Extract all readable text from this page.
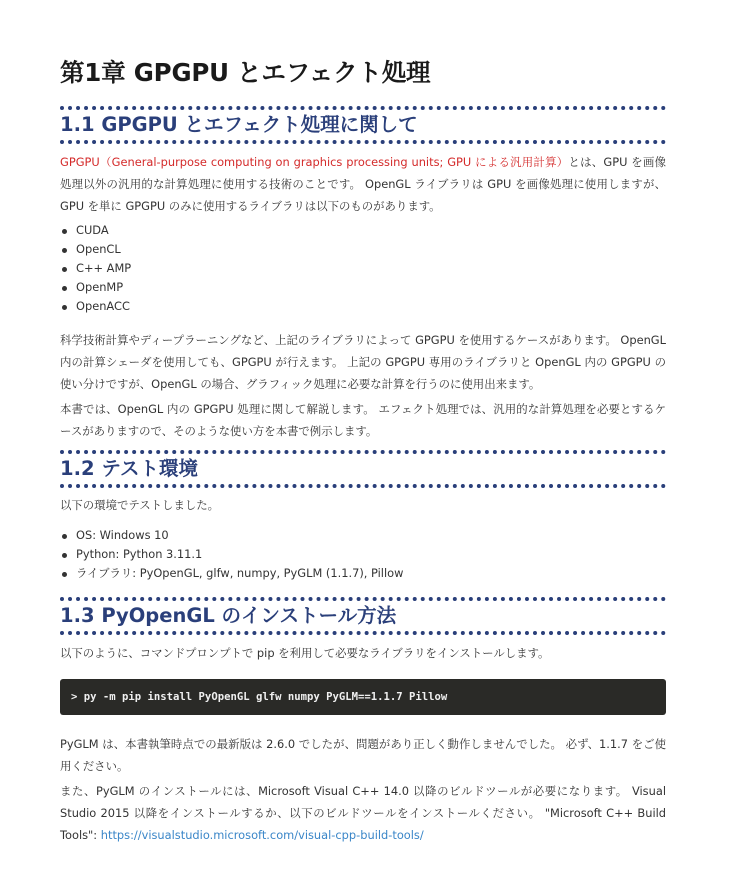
第1章 GPGPU とエフェクト処理
1.1 GPGPU とエフェクト処理に関して

GPGPU（General-purpose computing on graphics processing units; GPU による汎用計算）とは、GPU を画像処理以外の汎用的な計算処理に使用する技術のことです。 OpenGL ライブラリは GPU を画像処理に使用しますが、GPU を単に GPGPU のみに使用するライブラリは以下のものがあります。

CUDA
OpenCL
C++ AMP
OpenMP
OpenACC

科学技術計算やディープラーニングなど、上記のライブラリによって GPGPU を使用するケースがあります。 OpenGL 内の計算シェーダを使用しても、GPGPU が行えます。 上記の GPGPU 専用のライブラリと OpenGL 内の GPGPU の使い分けですが、OpenGL の場合、グラフィック処理に必要な計算を行うのに使用出来ます。

本書では、OpenGL 内の GPGPU 処理に関して解説します。 エフェクト処理では、汎用的な計算処理を必要とするケースがありますので、そのような使い方を本書で例示します。

1.2 テスト環境

以下の環境でテストしました。

OS: Windows 10
Python: Python 3.11.1
ライブラリ: PyOpenGL, glfw, numpy, PyGLM (1.1.7), Pillow
1.3 PyOpenGL のインストール方法

以下のように、コマンドプロンプトで pip を利用して必要なライブラリをインストールします。

> py -m pip install PyOpenGL glfw numpy PyGLM==1.1.7 Pillow

PyGLM は、本書執筆時点での最新版は 2.6.0 でしたが、問題があり正しく動作しませんでした。 必ず、1.1.7 をご使用ください。

また、PyGLM のインストールには、Microsoft Visual C++ 14.0 以降のビルドツールが必要になります。 Visual Studio 2015 以降をインストールするか、以下のビルドツールをインストールください。 "Microsoft C++ Build Tools": https://visualstudio.microsoft.com/visual-cpp-build-tools/
